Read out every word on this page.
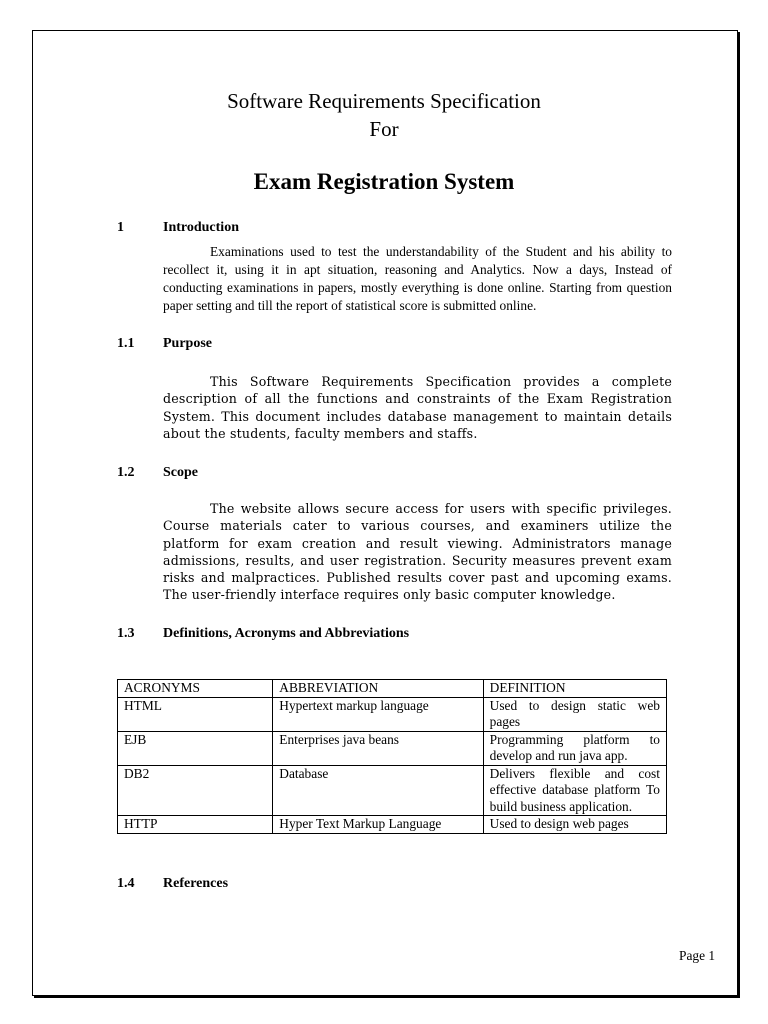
Software Requirements Specification
For
Exam Registration System
1	Introduction
Examinations used to test the understandability of the Student and his ability to recollect it, using it in apt situation, reasoning and Analytics. Now a days, Instead of conducting examinations in papers, mostly everything is done online. Starting from question paper setting and till the report of statistical score is submitted online.
1.1 Purpose
This Software Requirements Specification provides a complete description of all the functions and constraints of the Exam Registration System. This document includes database management to maintain details about the students, faculty members and staffs.
1.2 Scope
The website allows secure access for users with specific privileges. Course materials cater to various courses, and examiners utilize the platform for exam creation and result viewing. Administrators manage admissions, results, and user registration. Security measures prevent exam risks and malpractices. Published results cover past and upcoming exams. The user-friendly interface requires only basic computer knowledge.
1.3 Definitions, Acronyms and Abbreviations
ACRONYMS	ABBREVIATION	DEFINITION
HTML	Hypertext markup language	Used to design static web pages
EJB	Enterprises java beans	Programming platform to develop and run java app.
DB2	Database	Delivers flexible and cost effective database platform To build business application.
HTTP	Hyper Text Markup Language	Used to design web pages
1.4 References
Page 1
